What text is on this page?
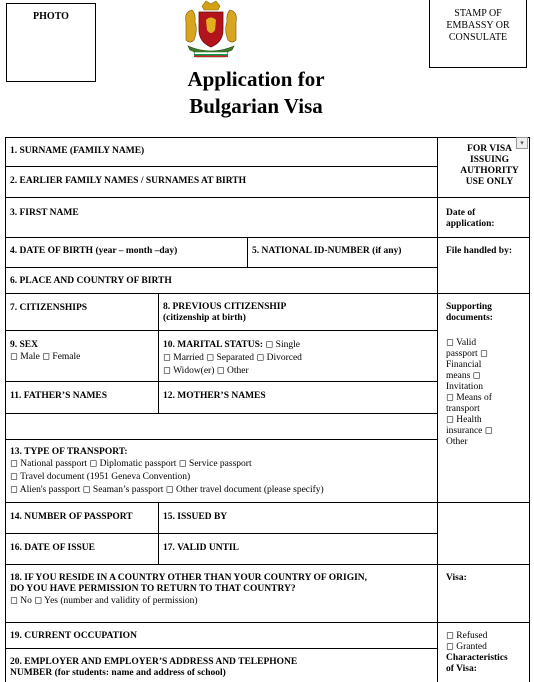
PHOTO	STAMP OF EMBASSY OR CONSULATE
Application for
Bulgarian Visa
1. SURNAME (FAMILY NAME)
2. EARLIER FAMILY NAMES / SURNAMES AT BIRTH
3. FIRST NAME
4. DATE OF BIRTH (year – month –day)	5. NATIONAL ID-NUMBER (if any)
6. PLACE AND COUNTRY OF BIRTH
7. CITIZENSHIPS	8. PREVIOUS CITIZENSHIP
(citizenship at birth)
9. SEX
◻ Male ◻ Female
10. MARITAL STATUS: ◻ Single
◻ Married ◻ Separated ◻ Divorced
◻ Widow(er) ◻ Other
11. FATHER’S NAMES	12. MOTHER’S NAMES
13. TYPE OF TRANSPORT:
◻ National passport ◻ Diplomatic passport ◻ Service passport
◻ Travel document (1951 Geneva Convention)
◻ Alien's passport ◻ Seaman’s passport ◻ Other travel document (please specify)
14. NUMBER OF PASSPORT	15. ISSUED BY
16. DATE OF ISSUE	17. VALID UNTIL
18. IF YOU RESIDE IN A COUNTRY OTHER THAN YOUR COUNTRY OF ORIGIN,
DO YOU HAVE PERMISSION TO RETURN TO THAT COUNTRY?
◻ No ◻ Yes (number and validity of permission)
19. CURRENT OCCUPATION
20. EMPLOYER AND EMPLOYER’S ADDRESS AND TELEPHONE
NUMBER (for students: name and address of school)
FOR VISA
ISSUING
AUTHORITY
USE ONLY
▾
Date of
application:
File handled by:
Supporting
documents:
◻ Valid
passport ◻
Financial
means ◻
Invitation
◻ Means of
transport
◻ Health
insurance ◻
Other
Visa:
◻ Refused
◻ Granted
Characteristics
of Visa:
